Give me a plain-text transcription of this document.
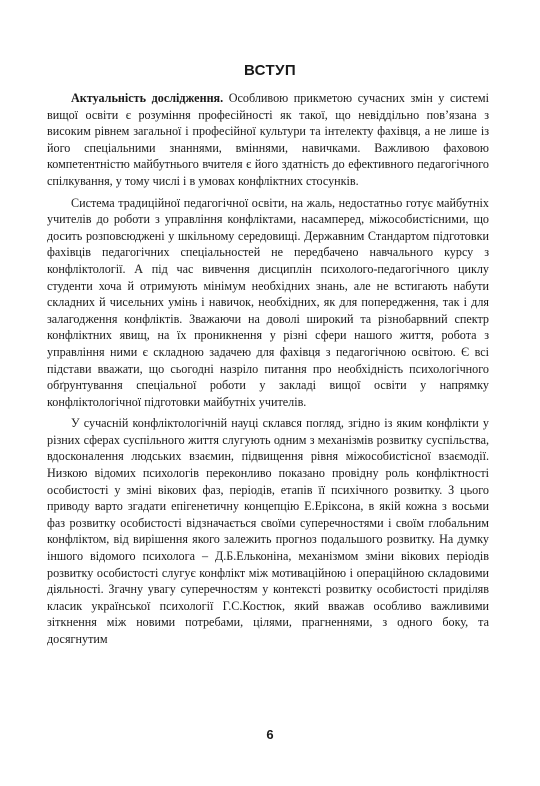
ВСТУП

Актуальність дослідження. Особливою прикметою сучасних змін у системі вищої освіти є розуміння професійності як такої, що невіддільно пов’язана з високим рівнем загальної і професійної культури та інтелекту фахівця, а не лише із його спеціальними знаннями, вміннями, навичками. Важливою фаховою компетентністю майбутнього вчителя є його здатність до ефективного педагогічного спілкування, у тому числі і в умовах конфліктних стосунків.

Система традиційної педагогічної освіти, на жаль, недостатньо готує майбутніх учителів до роботи з управління конфліктами, насамперед, міжособистісними, що досить розповсюджені у шкільному середовищі. Державним Стандартом підготовки фахівців педагогічних спеціальностей не передбачено навчального курсу з конфліктології. А під час вивчення дисциплін психолого-педагогічного циклу студенти хоча й отримують мінімум необхідних знань, але не встигають набути складних й чисельних умінь і навичок, необхідних, як для попередження, так і для залагодження конфліктів. Зважаючи на доволі широкий та різнобарвний спектр конфліктних явищ, на їх проникнення у різні сфери нашого життя, робота з управління ними є складною задачею для фахівця з педагогічною освітою. Є всі підстави вважати, що сьогодні назріло питання про необхідність психологічного обґрунтування спеціальної роботи у закладі вищої освіти у напрямку конфліктологічної підготовки майбутніх учителів.

У сучасній конфліктологічній науці склався погляд, згідно із яким конфлікти у різних сферах суспільного життя слугують одним з механізмів розвитку суспільства, вдосконалення людських взаємин, підвищення рівня міжособистісної взаємодії. Низкою відомих психологів переконливо показано провідну роль конфліктності особистості у зміні вікових фаз, періодів, етапів її психічного розвитку. З цього приводу варто згадати епігенетичну концепцію Е.Еріксона, в якій кожна з восьми фаз розвитку особистості відзначається своїми суперечностями і своїм глобальним конфліктом, від вирішення якого залежить прогноз подальшого розвитку. На думку іншого відомого психолога – Д.Б.Ельконіна, механізмом зміни вікових періодів розвитку особистості слугує конфлікт між мотиваційною і операційною складовими діяльності. Згачну увагу суперечностям у контексті розвитку особистості приділяв класик української психології Г.С.Костюк, який вважав особливо важливими зіткнення між новими потребами, цілями, прагненнями, з одного боку, та досягнутим

6
